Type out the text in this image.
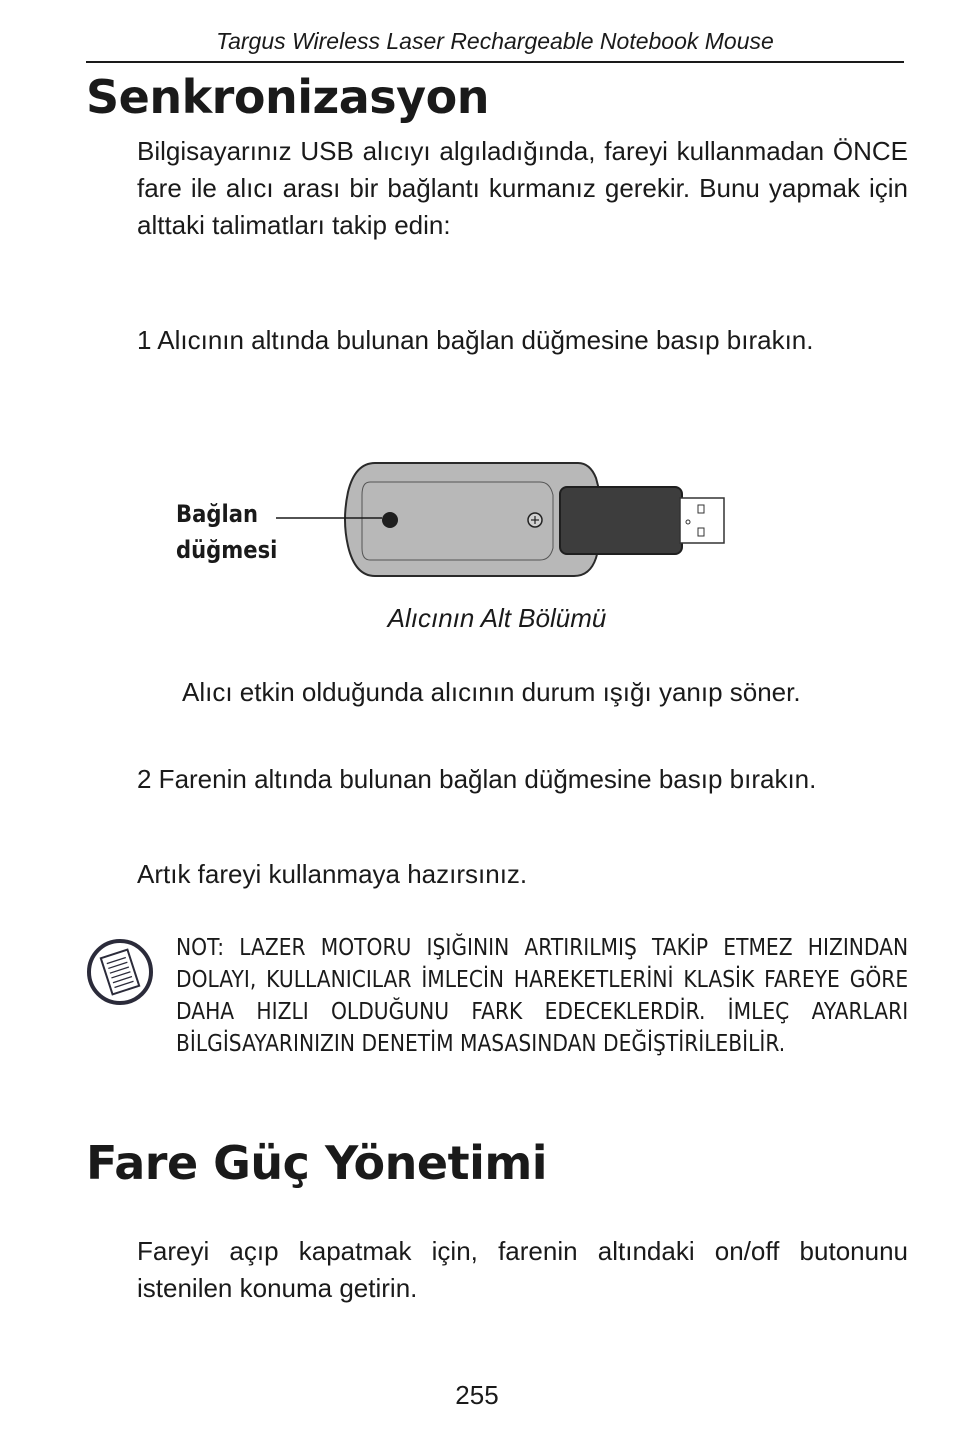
Targus Wireless Laser Rechargeable Notebook Mouse
Senkronizasyon

Bilgisayarınız USB alıcıyı algıladığında, fareyi kullanmadan ÖNCE fare ile alıcı arası bir bağlantı kurmanız gerekir. Bunu yapmak için alttaki talimatları takip edin:

1 Alıcının altında bulunan bağlan düğmesine basıp bırakın.

Bağlan
düğmesi
Alıcının Alt Bölümü

Alıcı etkin olduğunda alıcının durum ışığı yanıp söner.

2 Farenin altında bulunan bağlan düğmesine basıp bırakın.

Artık fareyi kullanmaya hazırsınız.

NOT: LAZER MOTORU IŞIĞININ ARTIRILMIŞ TAKİP ETMEZ HIZINDAN DOLAYI, KULLANICILAR İMLECİN HAREKETLERİNİ KLASİK FAREYE GÖRE DAHA HIZLI OLDUĞUNU FARK EDECEKLERDİR. İMLEÇ AYARLARI BİLGİSAYARINIZIN DENETİM MASASINDAN DEĞİŞTİRİLEBİLİR.
Fare Güç Yönetimi

Fareyi açıp kapatmak için, farenin altındaki on/off butonunu istenilen konuma getirin.

255
